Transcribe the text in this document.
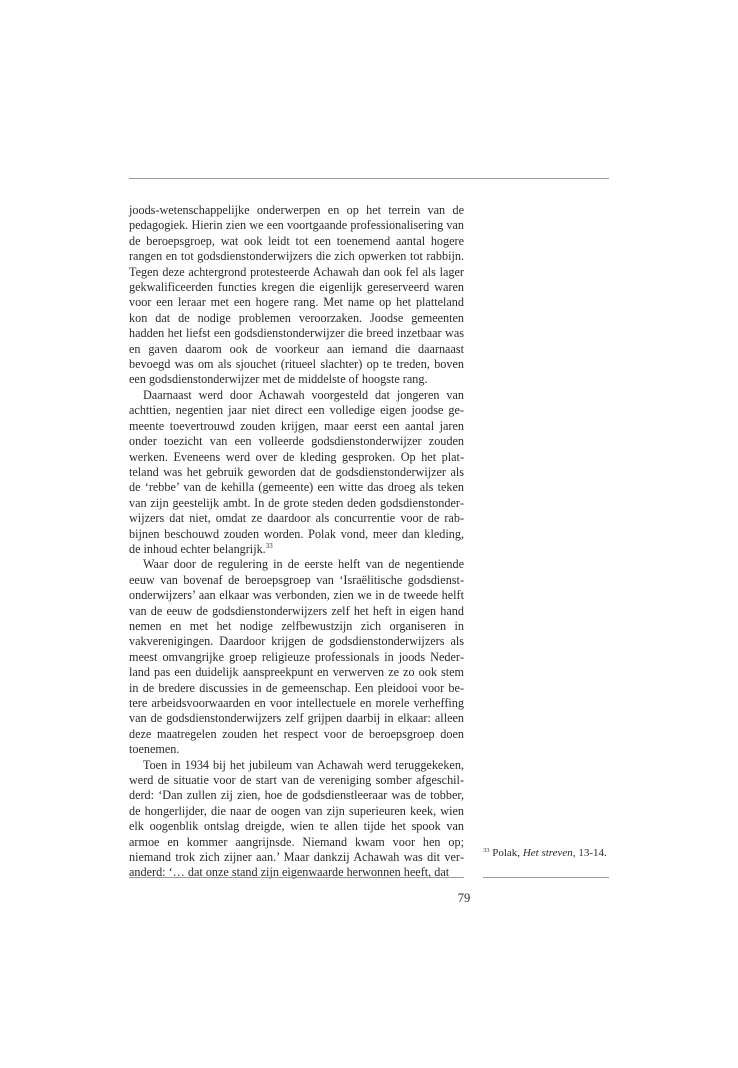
joods-wetenschappelijke onderwerpen en op het terrein van de pedagogiek. Hierin zien we een voortgaande professionalisering van de beroepsgroep, wat ook leidt tot een toenemend aantal hogere rangen en tot godsdienstonderwijzers die zich opwerken tot rabbijn. Tegen deze achtergrond protesteerde Achawah dan ook fel als lager gekwalificeerden functies kregen die eigenlijk gereserveerd waren voor een leraar met een hogere rang. Met name op het platteland kon dat de nodige problemen veroorzaken. Joodse gemeenten hadden het liefst een godsdienstonderwijzer die breed inzetbaar was en gaven daarom ook de voorkeur aan iemand die daarnaast bevoegd was om als sjouchet (ritueel slachter) op te treden, boven een godsdienstonderwijzer met de middelste of hoogste rang.

Daarnaast werd door Achawah voorgesteld dat jongeren van achttien, negentien jaar niet direct een volledige eigen joodse gemeente toevertrouwd zouden krijgen, maar eerst een aantal jaren onder toezicht van een volleerde godsdienstonderwijzer zouden werken. Eveneens werd over de kleding gesproken. Op het platteland was het gebruik geworden dat de godsdienstonderwijzer als de ‘rebbe’ van de kehilla (gemeente) een witte das droeg als teken van zijn geestelijk ambt. In de grote steden deden godsdienstonderwijzers dat niet, omdat ze daardoor als concurrentie voor de rabbijnen beschouwd zouden worden. Polak vond, meer dan kleding, de inhoud echter belangrijk.$^{33}$

Waar door de regulering in de eerste helft van de negentiende eeuw van bovenaf de beroepsgroep van ‘Israëlitische godsdienstonderwijzers’ aan elkaar was verbonden, zien we in de tweede helft van de eeuw de godsdienstonderwijzers zelf het heft in eigen hand nemen en met het nodige zelfbewustzijn zich organiseren in vakverenigingen. Daardoor krijgen de godsdienstonderwijzers als meest omvangrijke groep religieuze professionals in joods Nederland pas een duidelijk aanspreekpunt en verwerven ze zo ook stem in de bredere discussies in de gemeenschap. Een pleidooi voor betere arbeidsvoorwaarden en voor intellectuele en morele verheffing van de godsdienstonderwijzers zelf grijpen daarbij in elkaar: alleen deze maatregelen zouden het respect voor de beroepsgroep doen toenemen.

Toen in 1934 bij het jubileum van Achawah werd teruggekeken, werd de situatie voor de start van de vereniging somber afgeschilderd: ‘Dan zullen zij zien, hoe de godsdienstleeraar was de tobber, de hongerlijder, die naar de oogen van zijn superieuren keek, wien elk oogenblik ontslag dreigde, wien te allen tijde het spook van armoe en kommer aangrijnsde. Niemand kwam voor hen op; niemand trok zich zijner aan.’ Maar dankzij Achawah was dit veranderd: ‘… dat onze stand zijn eigenwaarde herwonnen heeft, dat

$^{33}$ Polak, Het streven, 13-14.
79
